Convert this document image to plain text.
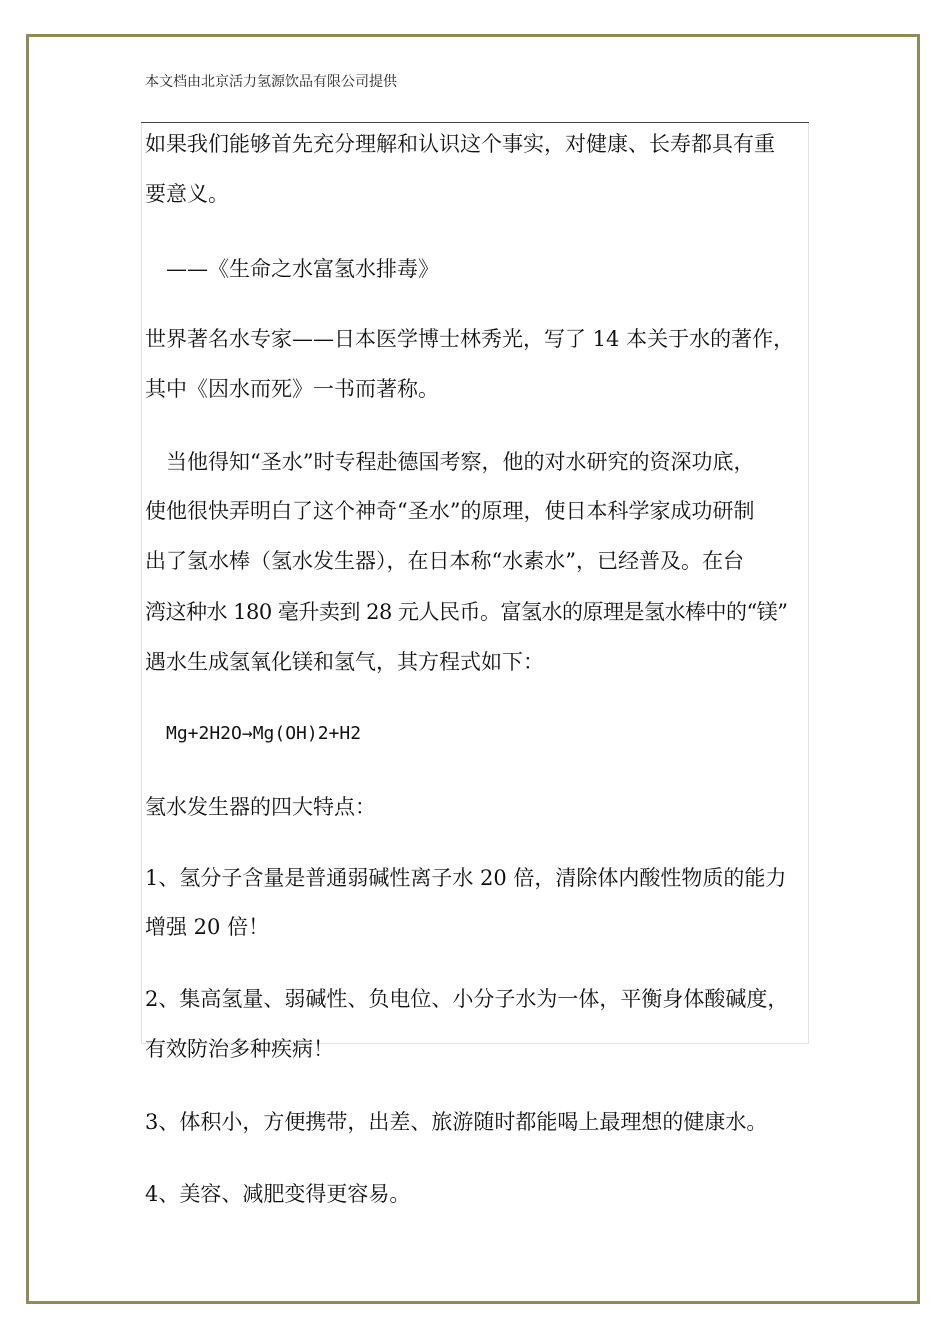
本文档由北京活力氢源饮品有限公司提供
如果我们能够首先充分理解和认识这个事实，对健康、长寿都具有重
要意义。
——《生命之水富氢水排毒》
世界著名水专家——日本医学博士林秀光，写了 14 本关于水的著作，
其中《因水而死》一书而著称。
当他得知“圣水”时专程赴德国考察，他的对水研究的资深功底，
使他很快弄明白了这个神奇“圣水”的原理，使日本科学家成功研制
出了氢水棒（氢水发生器），在日本称“水素水”，已经普及。在台
湾这种水 180 毫升卖到 28 元人民币。富氢水的原理是氢水棒中的“镁”
遇水生成氢氧化镁和氢气，其方程式如下：
Mg+2H2O→Mg(OH)2+H2
氢水发生器的四大特点：
1、氢分子含量是普通弱碱性离子水 20 倍，清除体内酸性物质的能力
增强 20 倍！
2、集高氢量、弱碱性、负电位、小分子水为一体，平衡身体酸碱度，
有效防治多种疾病！
3、体积小，方便携带，出差、旅游随时都能喝上最理想的健康水。
4、美容、减肥变得更容易。
